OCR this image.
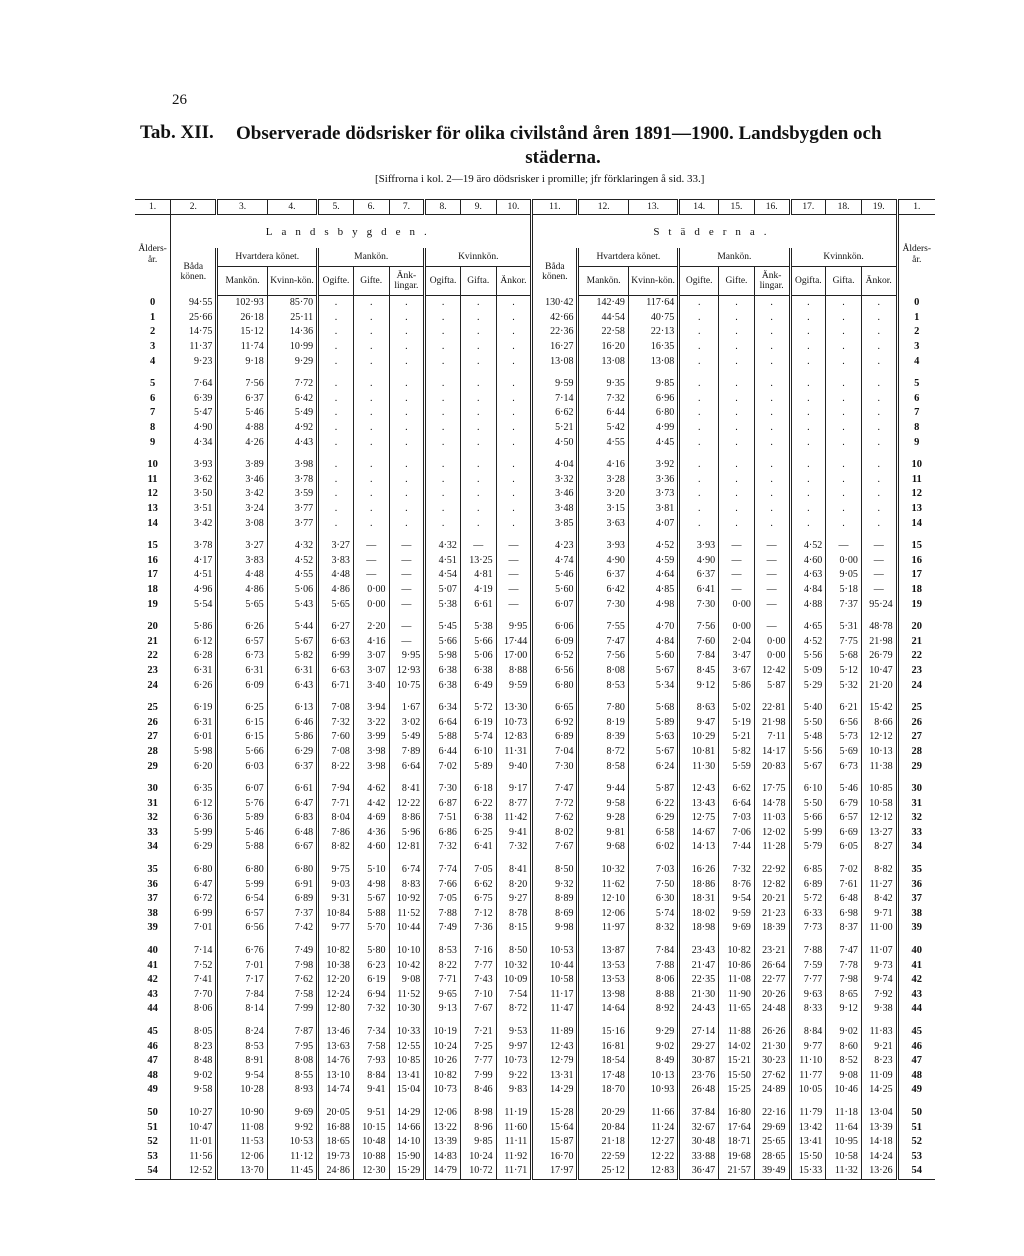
26
Tab. XII. Observerade dödsrisker för olika civilstånd åren 1891—1900. Landsbygden och
städerna.
[Siffrorna i kol. 2—19 äro dödsrisker i promille; jfr förklaringen å sid. 33.]
1.	2.	3.	4.	5.	6.	7.	8.	9.	10.	11.	12.	13.	14.	15.	16.	17.	18.	19.	1.
Ålders-år.	Landsbygden.									Städerna.									Ålders-år.
	Båda könen.	Hvartdera könet.		Mankön.			Kvinnkön.			Båda könen.	Hvartdera könet.		Mankön.			Kvinnkön.			
		Mankön.	Kvinn-kön.	Ogifte.	Gifte.	Änk-lingar.	Ogifta.	Gifta.	Änkor.		Mankön.	Kvinn-kön.	Ogifte.	Gifte.	Änk-lingar.	Ogifta.	Gifta.	Änkor.	
0	94·55	102·93	85·70	.	.	.	.	.	.	130·42	142·49	117·64	.	.	.	.	.	.	0
1	25·66	26·18	25·11	.	.	.	.	.	.	42·66	44·54	40·75	.	.	.	.	.	.	1
2	14·75	15·12	14·36	.	.	.	.	.	.	22·36	22·58	22·13	.	.	.	.	.	.	2
3	11·37	11·74	10·99	.	.	.	.	.	.	16·27	16·20	16·35	.	.	.	.	.	.	3
4	9·23	9·18	9·29	.	.	.	.	.	.	13·08	13·08	13·08	.	.	.	.	.	.	4

5	7·64	7·56	7·72	.	.	.	.	.	.	9·59	9·35	9·85	.	.	.	.	.	.	5
6	6·39	6·37	6·42	.	.	.	.	.	.	7·14	7·32	6·96	.	.	.	.	.	.	6
7	5·47	5·46	5·49	.	.	.	.	.	.	6·62	6·44	6·80	.	.	.	.	.	.	7
8	4·90	4·88	4·92	.	.	.	.	.	.	5·21	5·42	4·99	.	.	.	.	.	.	8
9	4·34	4·26	4·43	.	.	.	.	.	.	4·50	4·55	4·45	.	.	.	.	.	.	9

10	3·93	3·89	3·98	.	.	.	.	.	.	4·04	4·16	3·92	.	.	.	.	.	.	10
11	3·62	3·46	3·78	.	.	.	.	.	.	3·32	3·28	3·36	.	.	.	.	.	.	11
12	3·50	3·42	3·59	.	.	.	.	.	.	3·46	3·20	3·73	.	.	.	.	.	.	12
13	3·51	3·24	3·77	.	.	.	.	.	.	3·48	3·15	3·81	.	.	.	.	.	.	13
14	3·42	3·08	3·77	.	.	.	.	.	.	3·85	3·63	4·07	.	.	.	.	.	.	14

15	3·78	3·27	4·32	3·27	—	—	4·32	—	—	4·23	3·93	4·52	3·93	—	—	4·52	—	—	15
16	4·17	3·83	4·52	3·83	—	—	4·51	13·25	—	4·74	4·90	4·59	4·90	—	—	4·60	0·00	—	16
17	4·51	4·48	4·55	4·48	—	—	4·54	4·81	—	5·46	6·37	4·64	6·37	—	—	4·63	9·05	—	17
18	4·96	4·86	5·06	4·86	0·00	—	5·07	4·19	—	5·60	6·42	4·85	6·41	—	—	4·84	5·18	—	18
19	5·54	5·65	5·43	5·65	0·00	—	5·38	6·61	—	6·07	7·30	4·98	7·30	0·00	—	4·88	7·37	95·24	19

20	5·86	6·26	5·44	6·27	2·20	—	5·45	5·38	9·95	6·06	7·55	4·70	7·56	0·00	—	4·65	5·31	48·78	20
21	6·12	6·57	5·67	6·63	4·16	—	5·66	5·66	17·44	6·09	7·47	4·84	7·60	2·04	0·00	4·52	7·75	21·98	21
22	6·28	6·73	5·82	6·99	3·07	9·95	5·98	5·06	17·00	6·52	7·56	5·60	7·84	3·47	0·00	5·56	5·68	26·79	22
23	6·31	6·31	6·31	6·63	3·07	12·93	6·38	6·38	8·88	6·56	8·08	5·67	8·45	3·67	12·42	5·09	5·12	10·47	23
24	6·26	6·09	6·43	6·71	3·40	10·75	6·38	6·49	9·59	6·80	8·53	5·34	9·12	5·86	5·87	5·29	5·32	21·20	24

25	6·19	6·25	6·13	7·08	3·94	1·67	6·34	5·72	13·30	6·65	7·80	5·68	8·63	5·02	22·81	5·40	6·21	15·42	25
26	6·31	6·15	6·46	7·32	3·22	3·02	6·64	6·19	10·73	6·92	8·19	5·89	9·47	5·19	21·98	5·50	6·56	8·66	26
27	6·01	6·15	5·86	7·60	3·99	5·49	5·88	5·74	12·83	6·89	8·39	5·63	10·29	5·21	7·11	5·48	5·73	12·12	27
28	5·98	5·66	6·29	7·08	3·98	7·89	6·44	6·10	11·31	7·04	8·72	5·67	10·81	5·82	14·17	5·56	5·69	10·13	28
29	6·20	6·03	6·37	8·22	3·98	6·64	7·02	5·89	9·40	7·30	8·58	6·24	11·30	5·59	20·83	5·67	6·73	11·38	29

30	6·35	6·07	6·61	7·94	4·62	8·41	7·30	6·18	9·17	7·47	9·44	5·87	12·43	6·62	17·75	6·10	5·46	10·85	30
31	6·12	5·76	6·47	7·71	4·42	12·22	6·87	6·22	8·77	7·72	9·58	6·22	13·43	6·64	14·78	5·50	6·79	10·58	31
32	6·36	5·89	6·83	8·04	4·69	8·86	7·51	6·38	11·42	7·62	9·28	6·29	12·75	7·03	11·03	5·66	6·57	12·12	32
33	5·99	5·46	6·48	7·86	4·36	5·96	6·86	6·25	9·41	8·02	9·81	6·58	14·67	7·06	12·02	5·99	6·69	13·27	33
34	6·29	5·88	6·67	8·82	4·60	12·81	7·32	6·41	7·32	7·67	9·68	6·02	14·13	7·44	11·28	5·79	6·05	8·27	34

35	6·80	6·80	6·80	9·75	5·10	6·74	7·74	7·05	8·41	8·50	10·32	7·03	16·26	7·32	22·92	6·85	7·02	8·82	35
36	6·47	5·99	6·91	9·03	4·98	8·83	7·66	6·62	8·20	9·32	11·62	7·50	18·86	8·76	12·82	6·89	7·61	11·27	36
37	6·72	6·54	6·89	9·31	5·67	10·92	7·05	6·75	9·27	8·89	12·10	6·30	18·31	9·54	20·21	5·72	6·48	8·42	37
38	6·99	6·57	7·37	10·84	5·88	11·52	7·88	7·12	8·78	8·69	12·06	5·74	18·02	9·59	21·23	6·33	6·98	9·71	38
39	7·01	6·56	7·42	9·77	5·70	10·44	7·49	7·36	8·15	9·98	11·97	8·32	18·98	9·69	18·39	7·73	8·37	11·00	39

40	7·14	6·76	7·49	10·82	5·80	10·10	8·53	7·16	8·50	10·53	13·87	7·84	23·43	10·82	23·21	7·88	7·47	11·07	40
41	7·52	7·01	7·98	10·38	6·23	10·42	8·22	7·77	10·32	10·44	13·53	7·88	21·47	10·86	26·64	7·59	7·78	9·73	41
42	7·41	7·17	7·62	12·20	6·19	9·08	7·71	7·43	10·09	10·58	13·53	8·06	22·35	11·08	22·77	7·77	7·98	9·74	42
43	7·70	7·84	7·58	12·24	6·94	11·52	9·65	7·10	7·54	11·17	13·98	8·88	21·30	11·90	20·26	9·63	8·65	7·92	43
44	8·06	8·14	7·99	12·80	7·32	10·30	9·13	7·67	8·72	11·47	14·64	8·92	24·43	11·65	24·48	8·33	9·12	9·38	44

45	8·05	8·24	7·87	13·46	7·34	10·33	10·19	7·21	9·53	11·89	15·16	9·29	27·14	11·88	26·26	8·84	9·02	11·83	45
46	8·23	8·53	7·95	13·63	7·58	12·55	10·24	7·25	9·97	12·43	16·81	9·02	29·27	14·02	21·30	9·77	8·60	9·21	46
47	8·48	8·91	8·08	14·76	7·93	10·85	10·26	7·77	10·73	12·79	18·54	8·49	30·87	15·21	30·23	11·10	8·52	8·23	47
48	9·02	9·54	8·55	13·10	8·84	13·41	10·82	7·99	9·22	13·31	17·48	10·13	23·76	15·50	27·62	11·77	9·08	11·09	48
49	9·58	10·28	8·93	14·74	9·41	15·04	10·73	8·46	9·83	14·29	18·70	10·93	26·48	15·25	24·89	10·05	10·46	14·25	49

50	10·27	10·90	9·69	20·05	9·51	14·29	12·06	8·98	11·19	15·28	20·29	11·66	37·84	16·80	22·16	11·79	11·18	13·04	50
51	10·47	11·08	9·92	16·88	10·15	14·66	13·22	8·96	11·60	15·64	20·84	11·24	32·67	17·64	29·69	13·42	11·64	13·39	51
52	11·01	11·53	10·53	18·65	10·48	14·10	13·39	9·85	11·11	15·87	21·18	12·27	30·48	18·71	25·65	13·41	10·95	14·18	52
53	11·56	12·06	11·12	19·73	10·88	15·90	14·83	10·24	11·92	16·70	22·59	12·22	33·88	19·68	28·65	15·50	10·58	14·24	53
54	12·52	13·70	11·45	24·86	12·30	15·29	14·79	10·72	11·71	17·97	25·12	12·83	36·47	21·57	39·49	15·33	11·32	13·26	54
